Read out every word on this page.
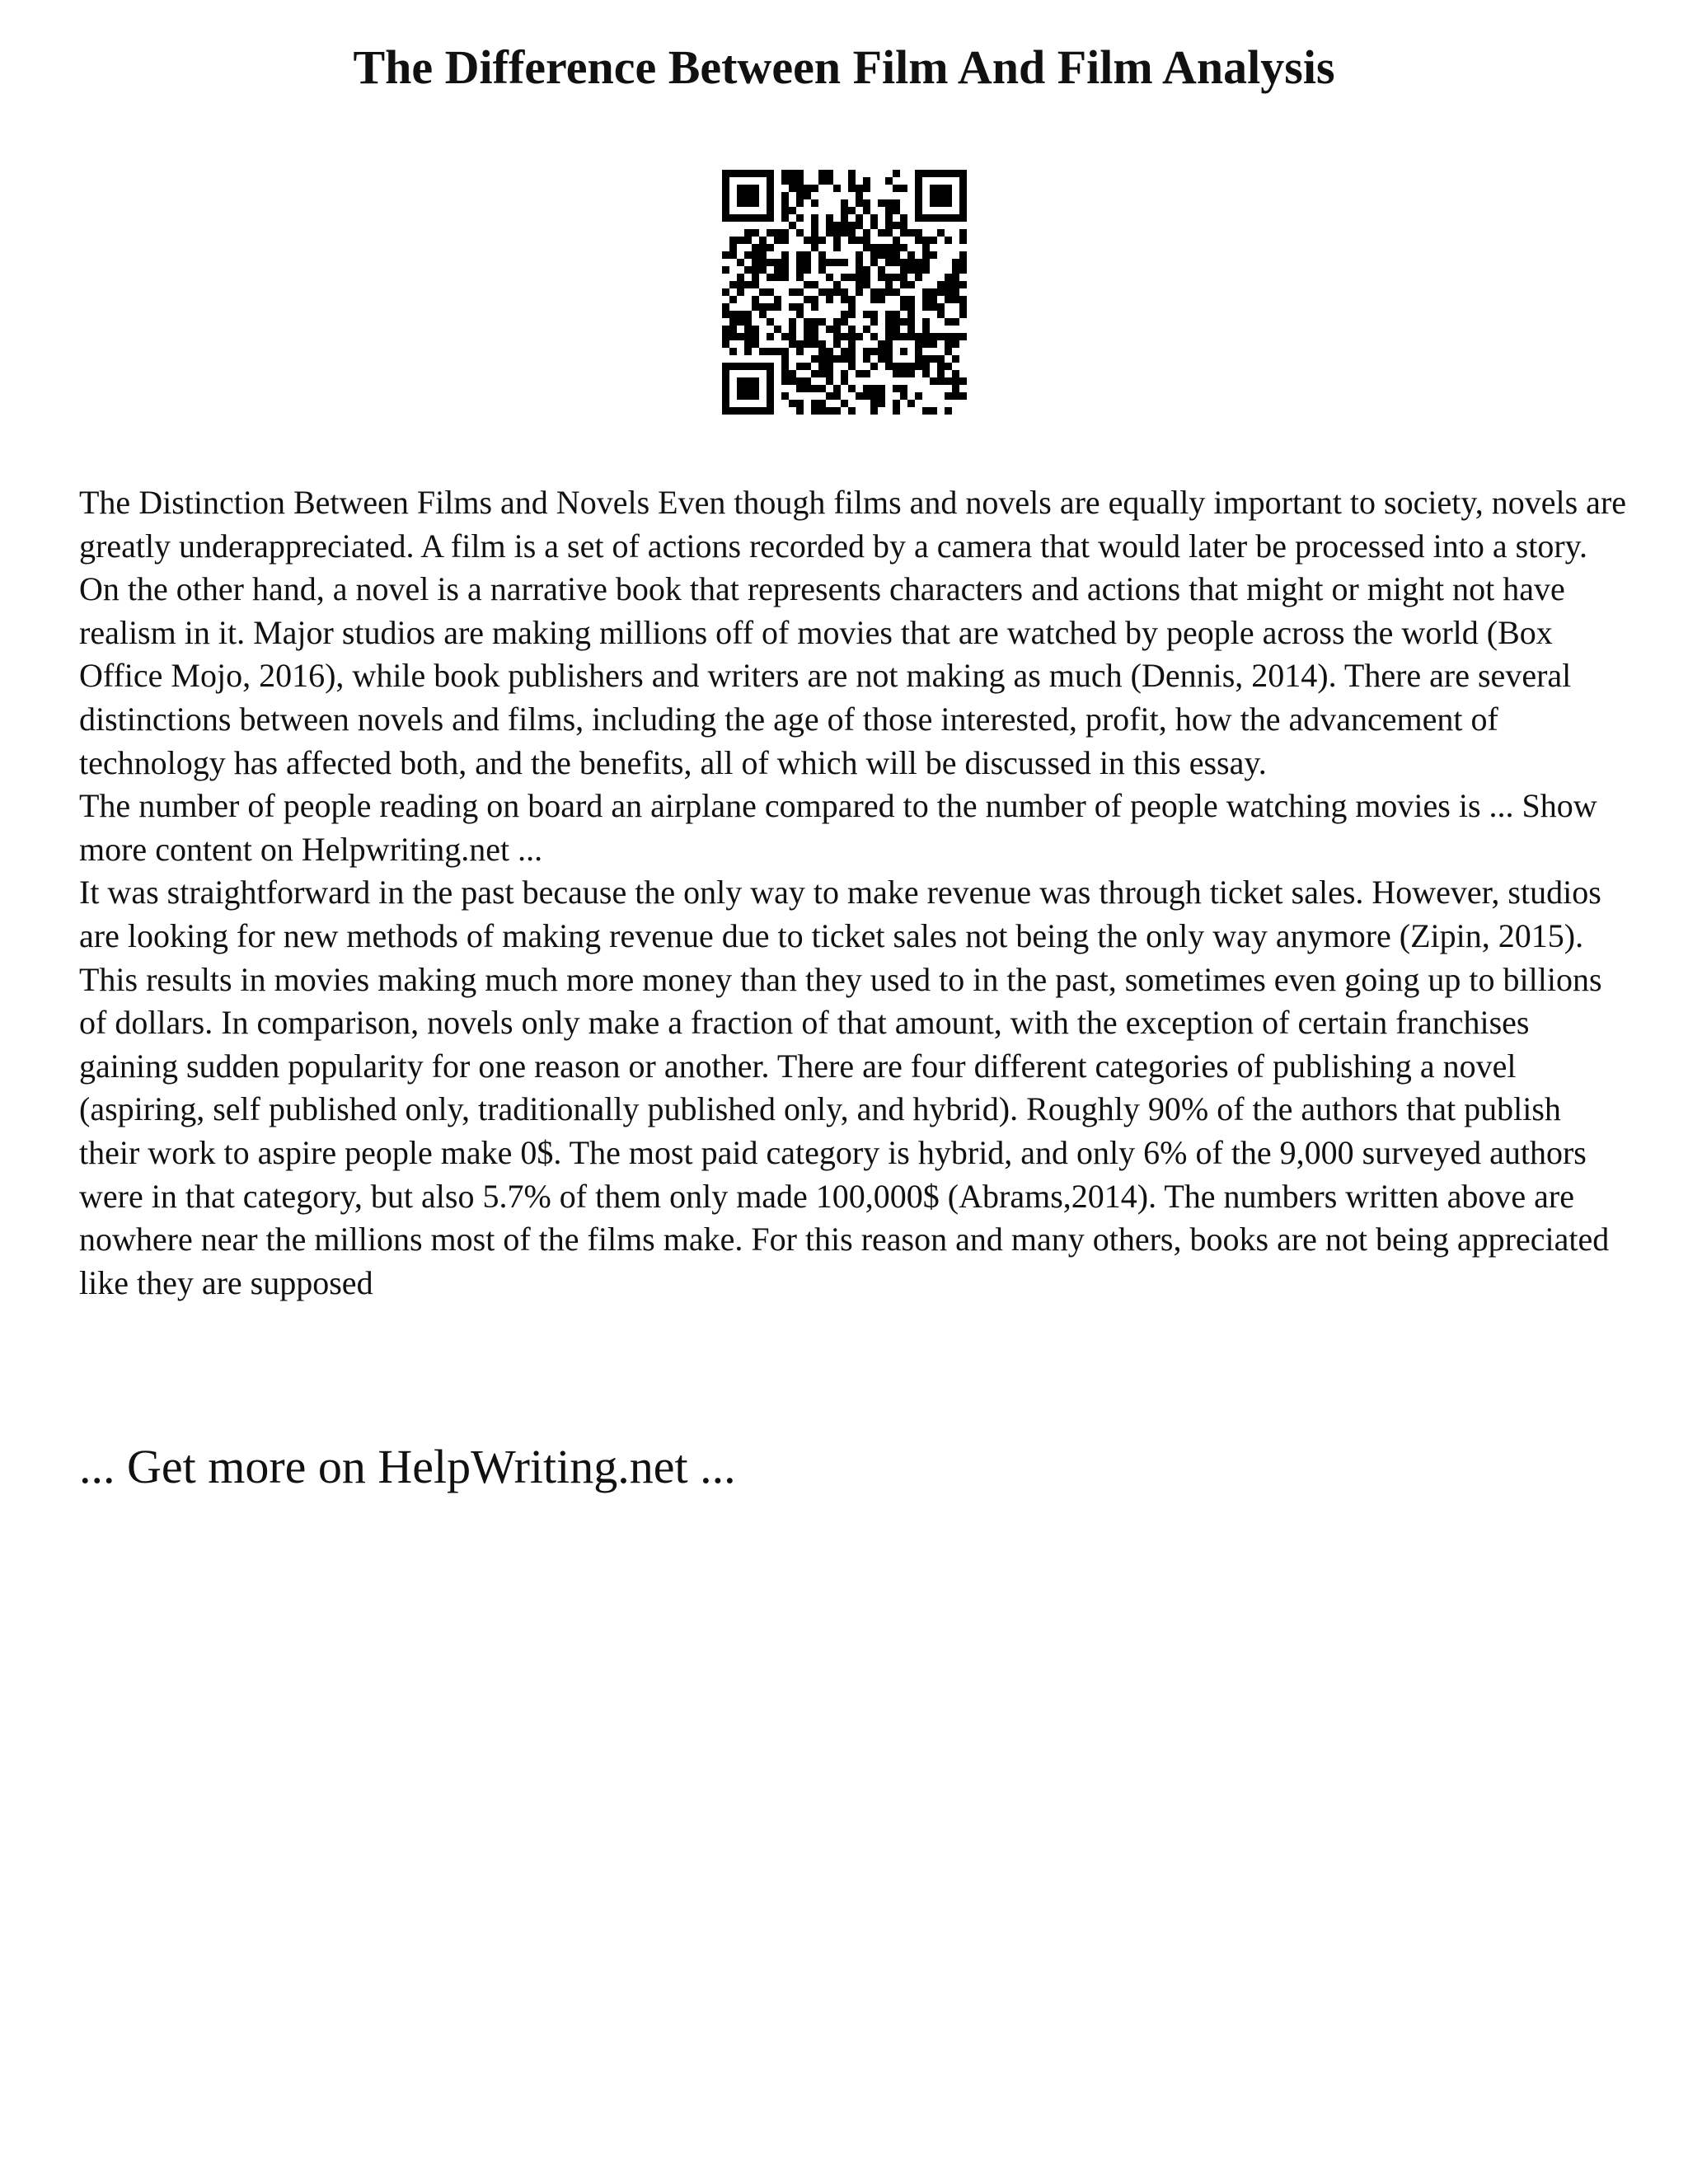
The Difference Between Film And Film Analysis

The Distinction Between Films and Novels Even though films and novels are equally important to society, novels are greatly underappreciated. A film is a set of actions recorded by a camera that would later be processed into a story. On the other hand, a novel is a narrative book that represents characters and actions that might or might not have realism in it. Major studios are making millions off of movies that are watched by people across the world (Box Office Mojo, 2016), while book publishers and writers are not making as much (Dennis, 2014). There are several distinctions between novels and films, including the age of those interested, profit, how the advancement of technology has affected both, and the benefits, all of which will be discussed in this essay.

The number of people reading on board an airplane compared to the number of people watching movies is ... Show more content on Helpwriting.net ...

It was straightforward in the past because the only way to make revenue was through ticket sales. However, studios are looking for new methods of making revenue due to ticket sales not being the only way anymore (Zipin, 2015). This results in movies making much more money than they used to in the past, sometimes even going up to billions of dollars. In comparison, novels only make a fraction of that amount, with the exception of certain franchises gaining sudden popularity for one reason or another. There are four different categories of publishing a novel (aspiring, self published only, traditionally published only, and hybrid). Roughly 90% of the authors that publish their work to aspire people make 0$. The most paid category is hybrid, and only 6% of the 9,000 surveyed authors were in that category, but also 5.7% of them only made 100,000$ (Abrams,2014). The numbers written above are nowhere near the millions most of the films make. For this reason and many others, books are not being appreciated like they are supposed

... Get more on HelpWriting.net ...
